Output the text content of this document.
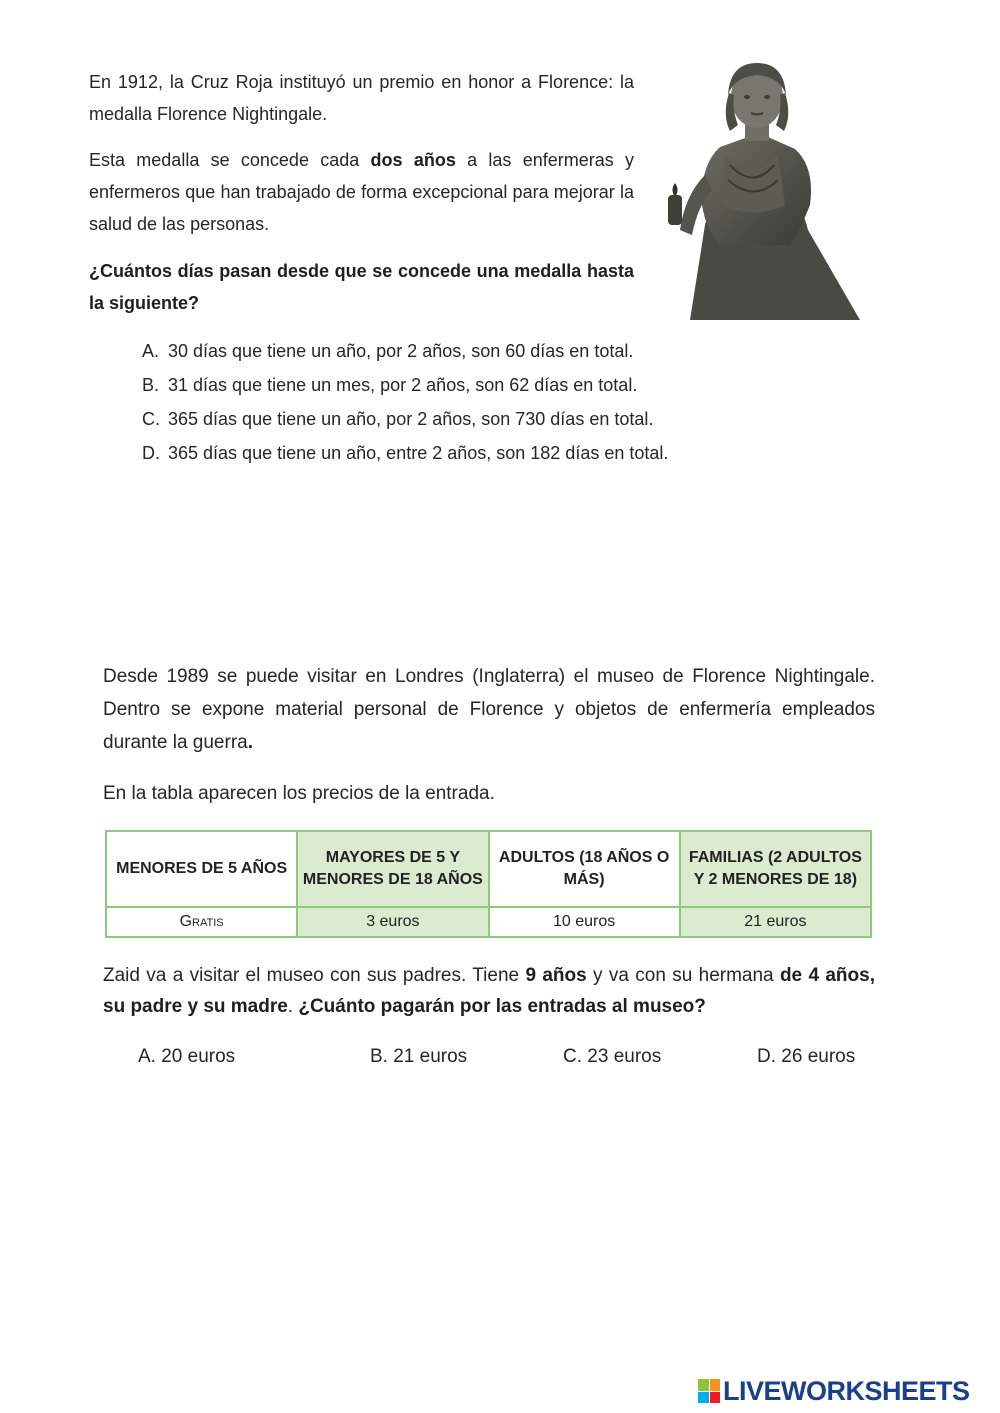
En 1912, la Cruz Roja instituyó un premio en honor a Florence: la medalla Florence Nightingale.

Esta medalla se concede cada dos años a las enfermeras y enfermeros que han trabajado de forma excepcional para mejorar la salud de las personas.

¿Cuántos días pasan desde que se concede una medalla hasta la siguiente?

A. 30 días que tiene un año, por 2 años, son 60 días en total.
B. 31 días que tiene un mes, por 2 años, son 62 días en total.
C. 365 días que tiene un año, por 2 años, son 730 días en total.
D. 365 días que tiene un año, entre 2 años, son 182 días en total.

Desde 1989 se puede visitar en Londres (Inglaterra) el museo de Florence Nightingale. Dentro se expone material personal de Florence y objetos de enfermería empleados durante la guerra.

En la tabla aparecen los precios de la entrada.

MENORES DE 5 AÑOS	MAYORES DE 5 Y MENORES DE 18 AÑOS	ADULTOS (18 AÑOS O MÁS)	FAMILIAS (2 ADULTOS Y 2 MENORES DE 18)
Gratis	3 euros	10 euros	21 euros

Zaid va a visitar el museo con sus padres. Tiene 9 años y va con su hermana de 4 años, su padre y su madre. ¿Cuánto pagarán por las entradas al museo?

A. 20 euros	B. 21 euros	C. 23 euros	D. 26 euros
LIVEWORKSHEETS
